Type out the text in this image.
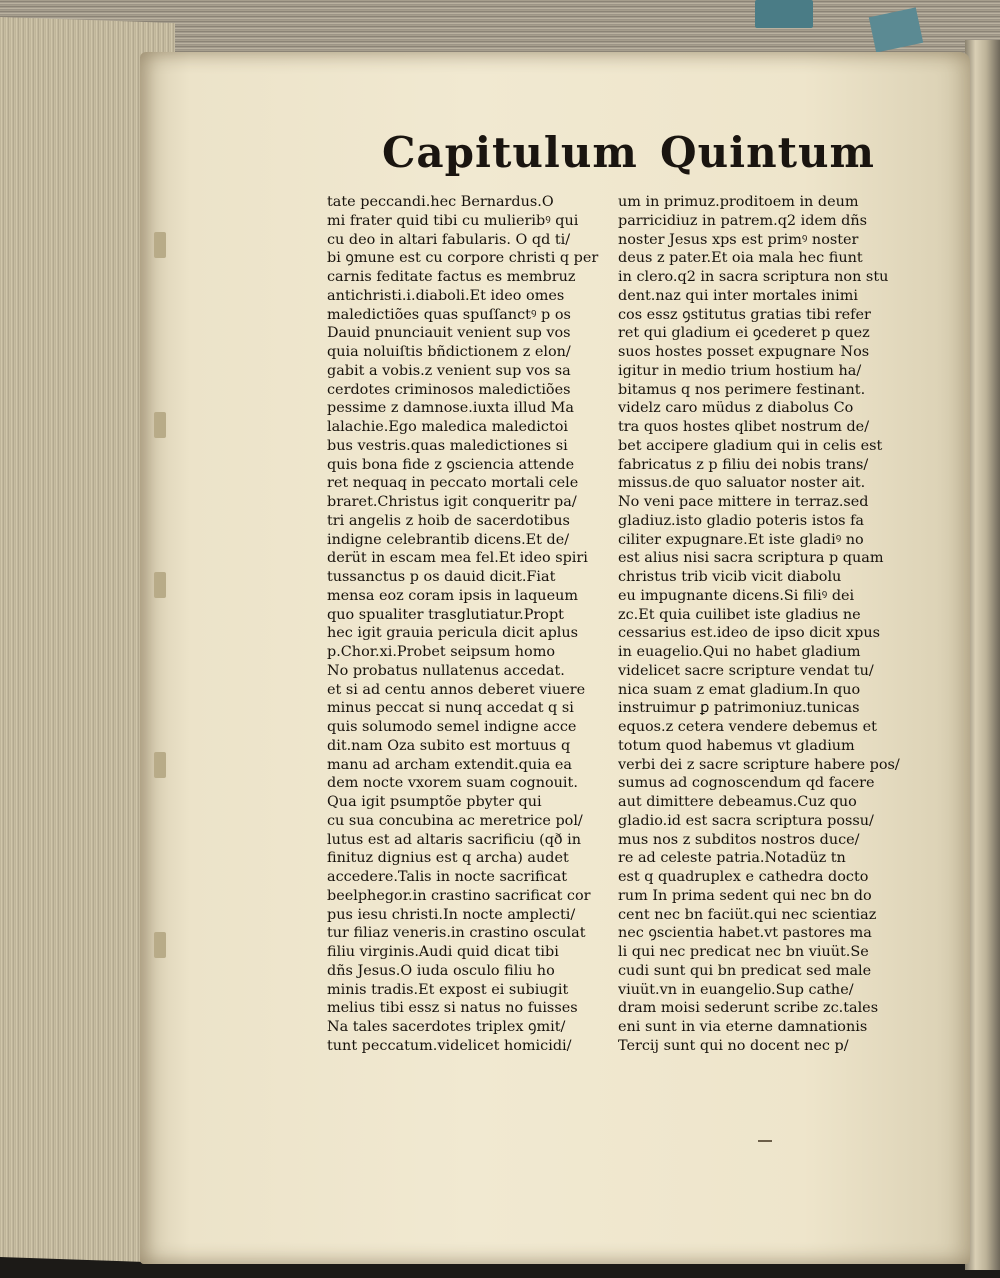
Capitulum Quintum
tate peccandi.hec Bernardus.O
mi frater quid tibi cu mulieribꝰ qui
cu deo in altari fabularis. O qd ti/
bi ꝯmune est cu corpore christi q per
carnis feditate factus es membruz
antichristi.i.diaboli.Et ideo omes
maledictiões quas spuſſanctꝰ p os
Dauid pnunciauit venient sup vos
quia noluiſtis bñdictionem z elon/
gabit a vobis.z venient sup vos sa
cerdotes criminosos maledictiões
pessime z damnose.iuxta illud Ma
lalachie.Ego maledica maledictoi
bus vestris.quas maledictiones si
quis bona fide z ꝯsciencia attende
ret nequaq in peccato mortali cele
braret.Christus igit conqueritr pa/
tri angelis z hoib de sacerdotibus
indigne celebrantib dicens.Et de/
derüt in escam mea fel.Et ideo spiri
tussanctus p os dauid dicit.Fiat
mensa eoz coram ipsis in laqueum
quo spualiter trasglutiatur.Propt
hec igit grauia pericula dicit aplus
p.Chor.xi.Probet seipsum homo
No probatus nullatenus accedat.
et si ad centu annos deberet viuere
minus peccat si nunq accedat q si
quis solumodo semel indigne acce
dit.nam Oza subito est mortuus q
manu ad archam extendit.quia ea
dem nocte vxorem suam cognouit.
Qua igit psumptõe pbyter qui
cu sua concubina ac meretrice pol/
lutus est ad altaris sacrificiu (qð in
finituz dignius est q archa) audet
accedere.Talis in nocte sacrificat
beelphegor.in crastino sacrificat cor
pus iesu christi.In nocte amplecti/
tur filiaz veneris.in crastino osculat
filiu virginis.Audi quid dicat tibi
dñs Jesus.O iuda osculo filiu ho
minis tradis.Et expost ei subiugit
melius tibi essz si natus no fuisses
Na tales sacerdotes triplex ꝯmit/
tunt peccatum.videlicet homicidi/
um in primuz.proditoem in deum
parricidiuz in patrem.q2 idem dñs
noster Jesus xps est primꝰ noster
deus z pater.Et oia mala hec fiunt
in clero.q2 in sacra scriptura non stu
dent.naz qui inter mortales inimi
cos essz ꝯstitutus gratias tibi refer
ret qui gladium ei ꝯcederet p quez
suos hostes posset expugnare Nos
igitur in medio trium hostium ha/
bitamus q nos perimere festinant.
videlz caro müdus z diabolus Co
tra quos hostes qlibet nostrum de/
bet accipere gladium qui in celis est
fabricatus z p filiu dei nobis trans/
missus.de quo saluator noster ait.
No veni pace mittere in terraz.sed
gladiuz.isto gladio poteris istos fa
ciliter expugnare.Et iste gladiꝰ no
est alius nisi sacra scriptura p quam
christus trib vicib vicit diabolu
eu impugnante dicens.Si filiꝰ dei
zc.Et quia cuilibet iste gladius ne
cessarius est.ideo de ipso dicit xpus
in euagelio.Qui no habet gladium
videlicet sacre scripture vendat tu/
nica suam z emat gladium.In quo
instruimur ꝑ patrimoniuz.tunicas
equos.z cetera vendere debemus et
totum quod habemus vt gladium
verbi dei z sacre scripture habere pos/
sumus ad cognoscendum qd facere
aut dimittere debeamus.Cuz quo
gladio.id est sacra scriptura possu/
mus nos z subditos nostros duce/
re ad celeste patria.Notadüz tn
est q quadruplex e cathedra docto
rum In prima sedent qui nec bn do
cent nec bn faciüt.qui nec scientiaz
nec ꝯscientia habet.vt pastores ma
li qui nec predicat nec bn viuüt.Se
cudi sunt qui bn predicat sed male
viuüt.vn in euangelio.Sup cathe/
dram moisi sederunt scribe zc.tales
eni sunt in via eterne damnationis
Tercij sunt qui no docent nec p/
